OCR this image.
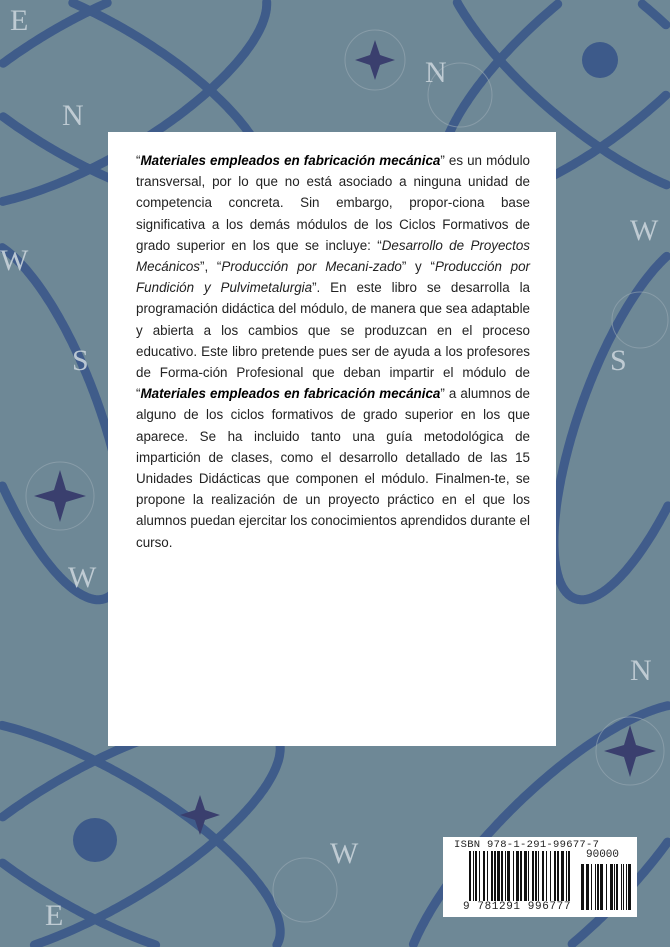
E
N
N
W
S
W
S
W
N
W
E

“Materiales empleados en fabricación mecánica” es un módulo transversal, por lo que no está asociado a ninguna unidad de competencia concreta. Sin embargo, propor-ciona base significativa a los demás módulos de los Ciclos Formativos de grado superior en los que se incluye: “Desarrollo de Proyectos Mecánicos”, “Producción por Mecani-zado” y “Producción por Fundición y Pulvimetalurgia”. En este libro se desarrolla la programación didáctica del módulo, de manera que sea adaptable y abierta a los cambios que se produzcan en el proceso educativo. Este libro pretende pues ser de ayuda a los profesores de Forma-ción Profesional que deban impartir el módulo de “Materiales empleados en fabricación mecánica” a alumnos de alguno de los ciclos formativos de grado superior en los que aparece. Se ha incluido tanto una guía metodológica de impartición de clases, como el desarrollo detallado de las 15 Unidades Didácticas que componen el módulo. Finalmen-te, se propone la realización de un proyecto práctico en el que los alumnos puedan ejercitar los conocimientos aprendidos durante el curso.

ISBN 978-1-291-99677-7
90000
9 781291 996777
